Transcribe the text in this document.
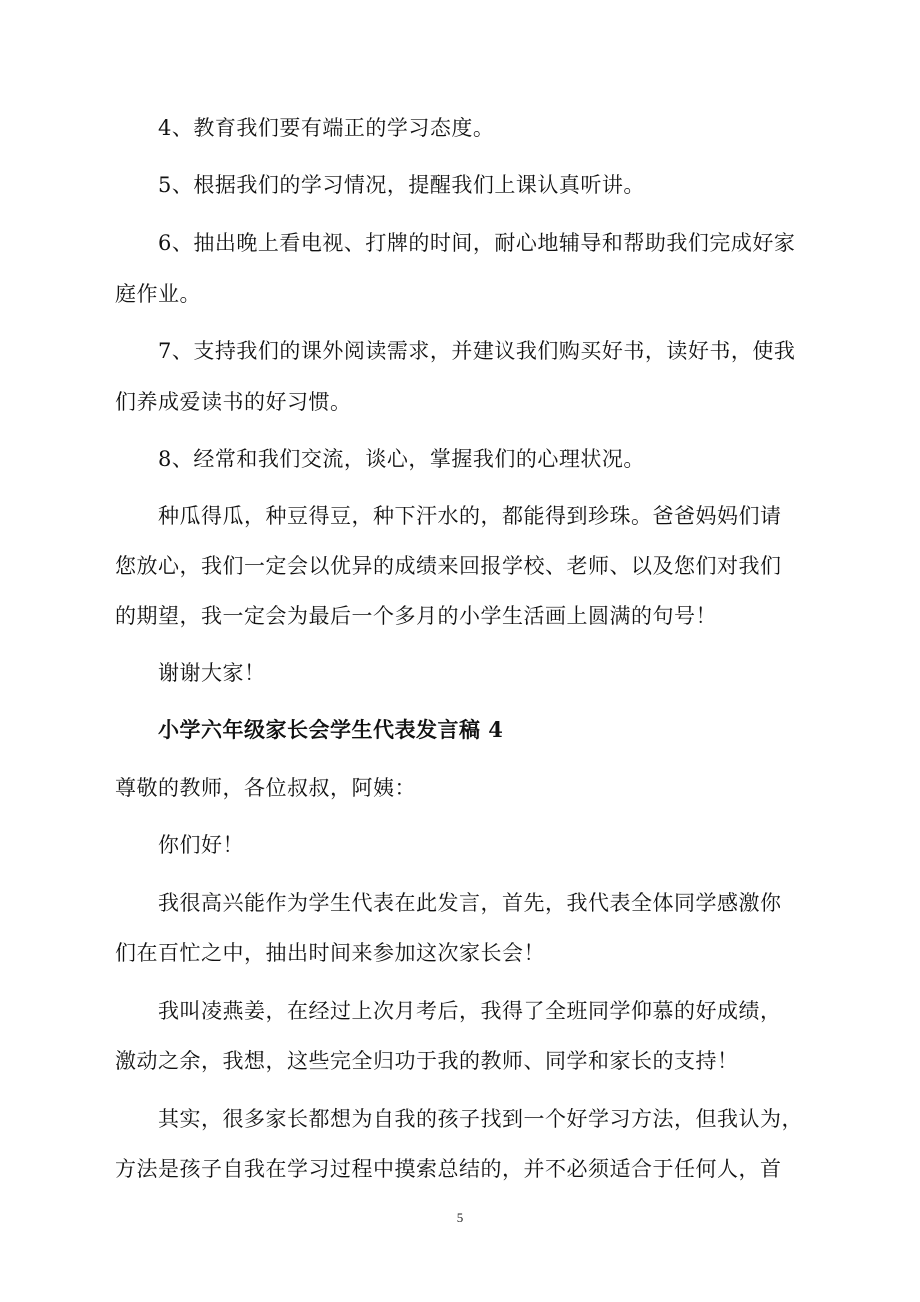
4、教育我们要有端正的学习态度。
5、根据我们的学习情况，提醒我们上课认真听讲。
6、抽出晚上看电视、打牌的时间，耐心地辅导和帮助我们完成好家
庭作业。
7、支持我们的课外阅读需求，并建议我们购买好书，读好书，使我
们养成爱读书的好习惯。
8、经常和我们交流，谈心，掌握我们的心理状况。
种瓜得瓜，种豆得豆，种下汗水的，都能得到珍珠。爸爸妈妈们请
您放心，我们一定会以优异的成绩来回报学校、老师、以及您们对我们
的期望，我一定会为最后一个多月的小学生活画上圆满的句号！
谢谢大家！
小学六年级家长会学生代表发言稿 4
尊敬的教师，各位叔叔，阿姨：
你们好！
我很高兴能作为学生代表在此发言，首先，我代表全体同学感激你
们在百忙之中，抽出时间来参加这次家长会！
我叫凌燕姜，在经过上次月考后，我得了全班同学仰慕的好成绩，
激动之余，我想，这些完全归功于我的教师、同学和家长的支持！
其实，很多家长都想为自我的孩子找到一个好学习方法，但我认为，
方法是孩子自我在学习过程中摸索总结的，并不必须适合于任何人，首
5
